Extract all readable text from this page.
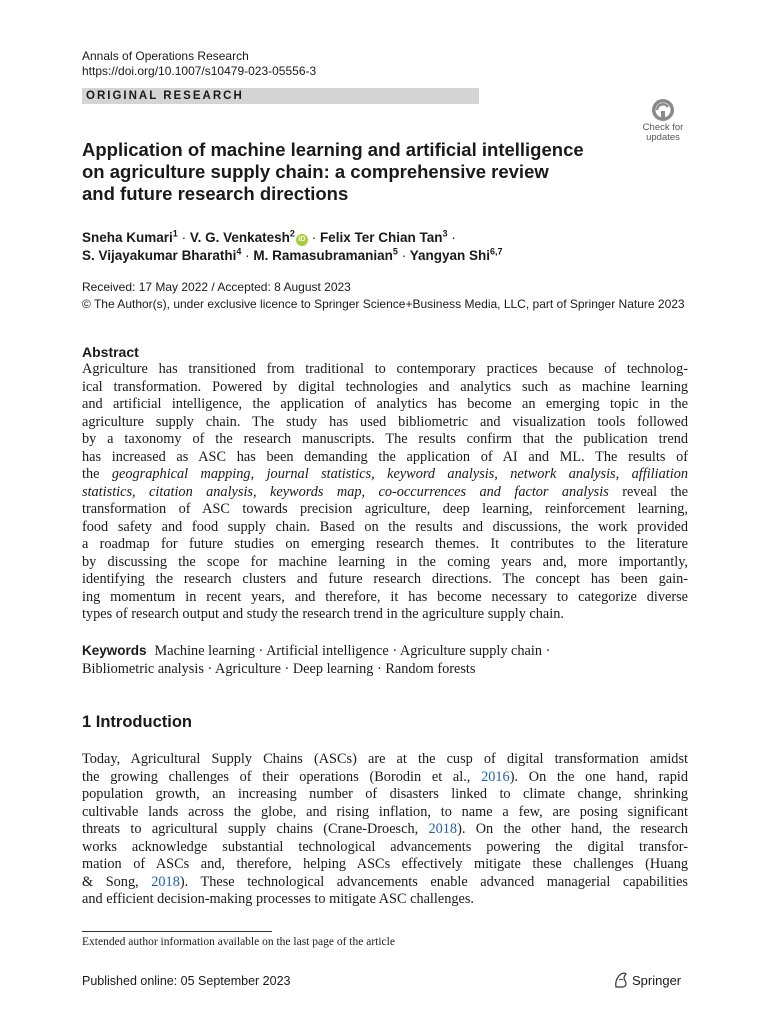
Annals of Operations Research
https://doi.org/10.1007/s10479-023-05556-3
ORIGINAL RESEARCH
Check for
updates
Application of machine learning and artificial intelligence
on agriculture supply chain: a comprehensive review
and future research directions
Sneha Kumari$^1$ · V. G. Venkatesh$^2$iD · Felix Ter Chian Tan$^3$ ·
S. Vijayakumar Bharathi$^4$ · M. Ramasubramanian$^5$ · Yangyan Shi$^{6,7}$
Received: 17 May 2022 / Accepted: 8 August 2023
© The Author(s), under exclusive licence to Springer Science+Business Media, LLC, part of Springer Nature 2023
Abstract
Agriculture has transitioned from traditional to contemporary practices because of technolog-
ical transformation. Powered by digital technologies and analytics such as machine learning
and artificial intelligence, the application of analytics has become an emerging topic in the
agriculture supply chain. The study has used bibliometric and visualization tools followed
by a taxonomy of the research manuscripts. The results confirm that the publication trend
has increased as ASC has been demanding the application of AI and ML. The results of
the geographical mapping, journal statistics, keyword analysis, network analysis, affiliation
statistics, citation analysis, keywords map, co-occurrences and factor analysis reveal the
transformation of ASC towards precision agriculture, deep learning, reinforcement learning,
food safety and food supply chain. Based on the results and discussions, the work provided
a roadmap for future studies on emerging research themes. It contributes to the literature
by discussing the scope for machine learning in the coming years and, more importantly,
identifying the research clusters and future research directions. The concept has been gain-
ing momentum in recent years, and therefore, it has become necessary to categorize diverse
types of research output and study the research trend in the agriculture supply chain.
Keywords Machine learning · Artificial intelligence · Agriculture supply chain ·
Bibliometric analysis · Agriculture · Deep learning · Random forests
1 Introduction
Today, Agricultural Supply Chains (ASCs) are at the cusp of digital transformation amidst
the growing challenges of their operations (Borodin et al., 2016). On the one hand, rapid
population growth, an increasing number of disasters linked to climate change, shrinking
cultivable lands across the globe, and rising inflation, to name a few, are posing significant
threats to agricultural supply chains (Crane-Droesch, 2018). On the other hand, the research
works acknowledge substantial technological advancements powering the digital transfor-
mation of ASCs and, therefore, helping ASCs effectively mitigate these challenges (Huang
& Song, 2018). These technological advancements enable advanced managerial capabilities
and efficient decision-making processes to mitigate ASC challenges.
Extended author information available on the last page of the article
Published online: 05 September 2023	Springer
